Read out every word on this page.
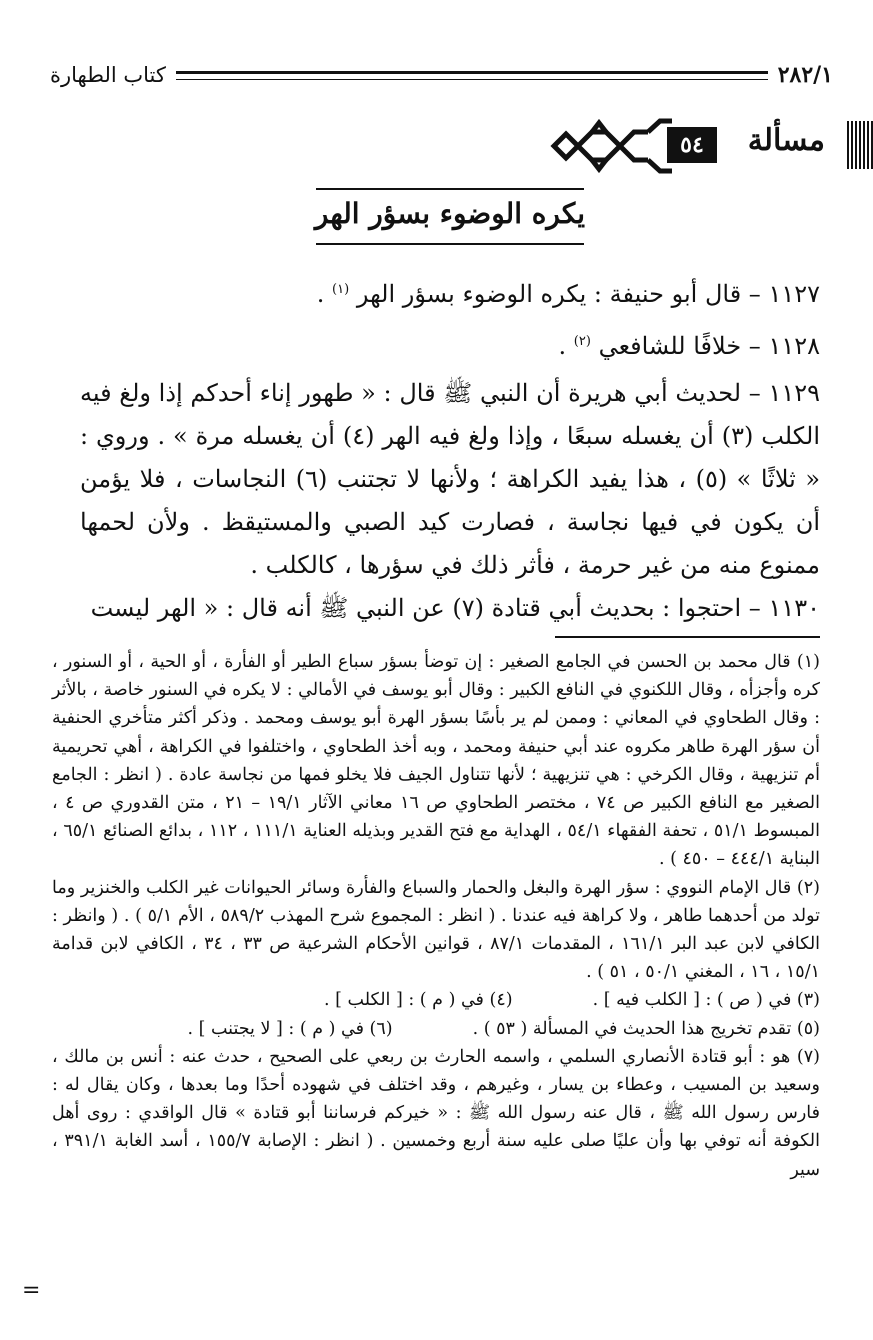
۲۸۲/۱
كتاب الطهارة
مسألة
٥٤
يكره الوضوء بسؤر الهر

١١٢٧ – قال أبو حنيفة : يكره الوضوء بسؤر الهر $^{(١)}$ .

١١٢٨ – خلافًا للشافعي $^{(٢)}$ .

١١٢٩ – لحديث أبي هريرة أن النبي ﷺ قال : « طهور إناء أحدكم إذا ولغ فيه الكلب (٣) أن يغسله سبعًا ، وإذا ولغ فيه الهر (٤) أن يغسله مرة » . وروي : « ثلاثًا » (٥) ، هذا يفيد الكراهة ؛ ولأنها لا تجتنب (٦) النجاسات ، فلا يؤمن أن يكون في فيها نجاسة ، فصارت كيد الصبي والمستيقظ . ولأن لحمها ممنوع منه من غير حرمة ، فأثر ذلك في سؤرها ، كالكلب .

١١٣٠ – احتجوا : بحديث أبي قتادة (٧) عن النبي ﷺ أنه قال : « الهر ليست

(١) قال محمد بن الحسن في الجامع الصغير : إن توضأ بسؤر سباع الطير أو الفأرة ، أو الحية ، أو السنور ، كره وأجزأه ، وقال اللكنوي في النافع الكبير : وقال أبو يوسف في الأمالي : لا يكره في السنور خاصة ، بالأثر : وقال الطحاوي في المعاني : وممن لم ير بأسًا بسؤر الهرة أبو يوسف ومحمد . وذكر أكثر متأخري الحنفية أن سؤر الهرة طاهر مكروه عند أبي حنيفة ومحمد ، وبه أخذ الطحاوي ، واختلفوا في الكراهة ، أهي تحريمية أم تنزيهية ، وقال الكرخي : هي تنزيهية ؛ لأنها تتناول الجيف فلا يخلو فمها من نجاسة عادة . ( انظر : الجامع الصغير مع النافع الكبير ص ٧٤ ، مختصر الطحاوي ص ١٦ معاني الآثار ١٩/١ – ٢١ ، متن القدوري ص ٤ ، المبسوط ٥١/١ ، تحفة الفقهاء ٥٤/١ ، الهداية مع فتح القدير وبذيله العناية ١١١/١ ، ١١٢ ، بدائع الصنائع ٦٥/١ ، البناية ٤٤٤/١ – ٤٥٠ ) .

(٢) قال الإمام النووي : سؤر الهرة والبغل والحمار والسباع والفأرة وسائر الحيوانات غير الكلب والخنزير وما تولد من أحدهما طاهر ، ولا كراهة فيه عندنا . ( انظر : المجموع شرح المهذب ٥٨٩/٢ ، الأم ٥/١ ) . ( وانظر : الكافي لابن عبد البر ١٦١/١ ، المقدمات ٨٧/١ ، قوانين الأحكام الشرعية ص ٣٣ ، ٣٤ ، الكافي لابن قدامة ١٥/١ ، ١٦ ، المغني ٥٠/١ ، ٥١ ) .

(٣) في ( ص ) : [ الكلب فيه ] .
(٤) في ( م ) : [ الكلب ] .
(٥) تقدم تخريج هذا الحديث في المسألة ( ٥٣ ) .
(٦) في ( م ) : [ لا يجتنب ] .

(٧) هو : أبو قتادة الأنصاري السلمي ، واسمه الحارث بن ربعي على الصحيح ، حدث عنه : أنس بن مالك ، وسعيد بن المسيب ، وعطاء بن يسار ، وغيرهم ، وقد اختلف في شهوده أحدًا وما بعدها ، وكان يقال له : فارس رسول الله ﷺ ، قال عنه رسول الله ﷺ : « خيركم فرساننا أبو قتادة » قال الواقدي : روى أهل الكوفة أنه توفي بها وأن عليًا صلى عليه سنة أربع وخمسين . ( انظر : الإصابة ١٥٥/٧ ، أسد الغابة ٣٩١/١ ، سير

=
